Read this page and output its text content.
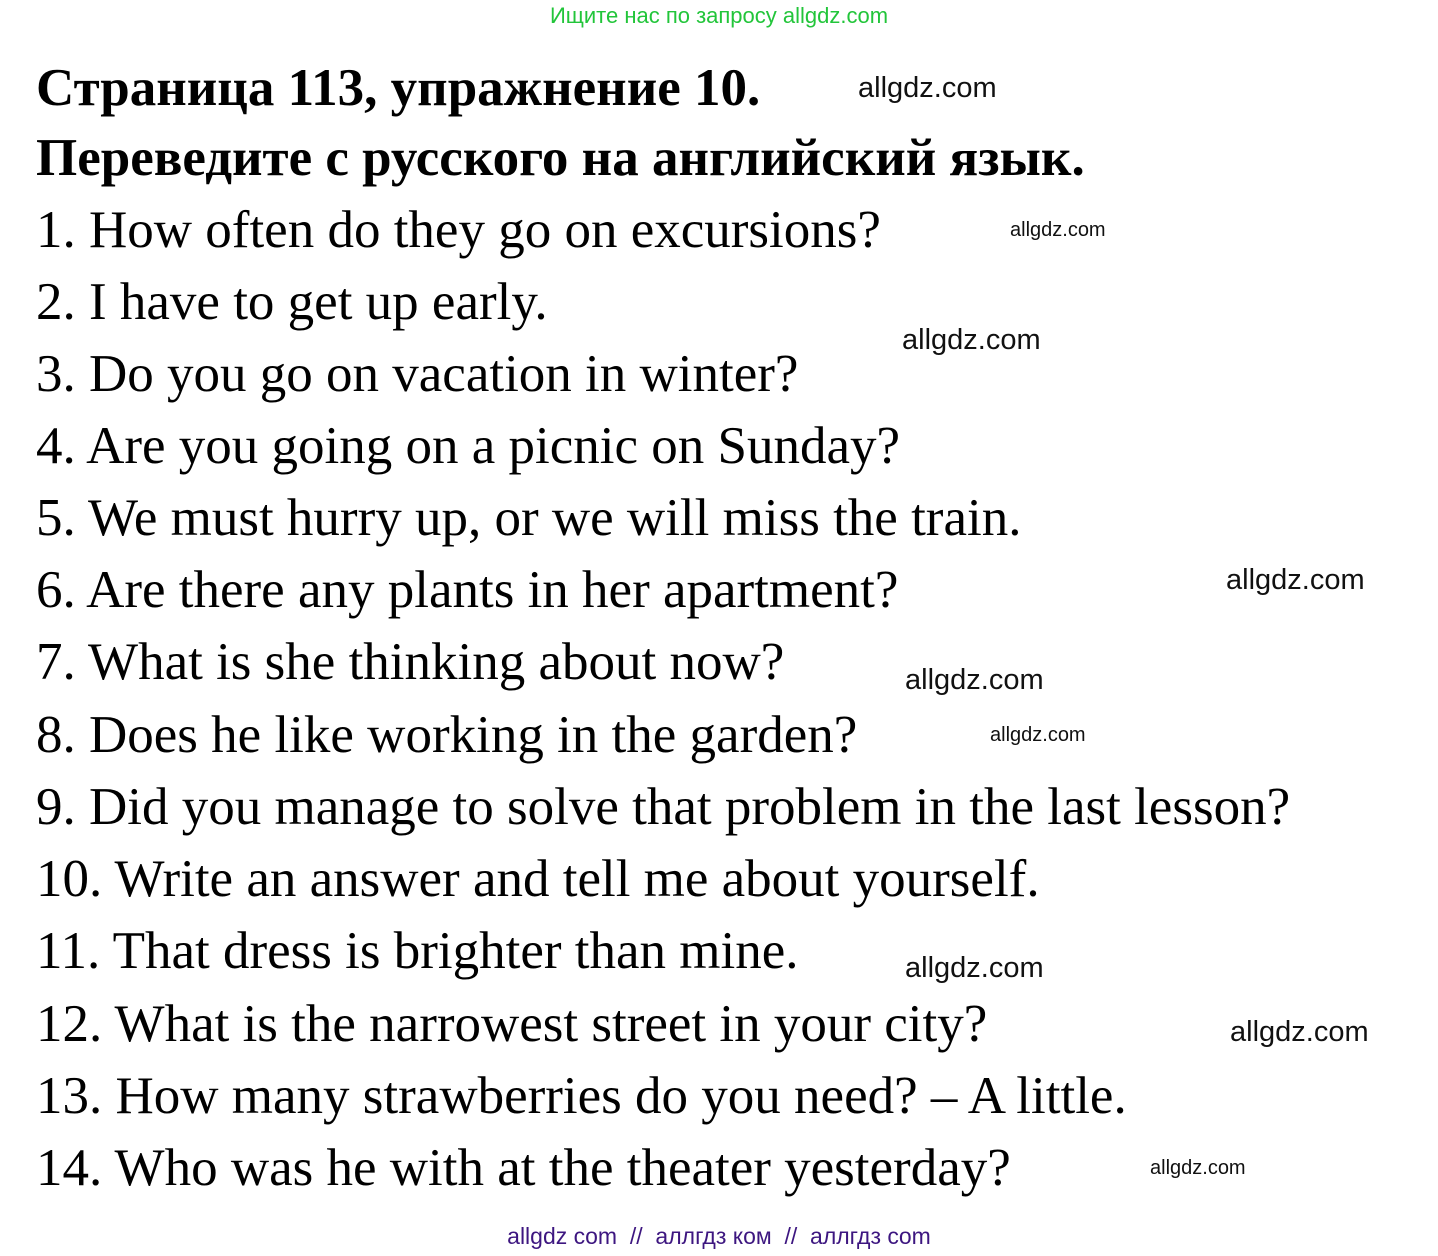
Ищите нас по запросу allgdz.com
Страница 113, упражнение 10.
Переведите с русского на английский язык.
1. How often do they go on excursions?
2. I have to get up early.
3. Do you go on vacation in winter?
4. Are you going on a picnic on Sunday?
5. We must hurry up, or we will miss the train.
6. Are there any plants in her apartment?
7. What is she thinking about now?
8. Does he like working in the garden?
9. Did you manage to solve that problem in the last lesson?
10. Write an answer and tell me about yourself.
11. That dress is brighter than mine.
12. What is the narrowest street in your city?
13. How many strawberries do you need? – A little.
14. Who was he with at the theater yesterday?
allgdz.com
allgdz.com
allgdz.com
allgdz.com
allgdz.com
allgdz.com
allgdz.com
allgdz.com
allgdz.com
allgdz com  //  аллгдз ком  //  аллгдз com
